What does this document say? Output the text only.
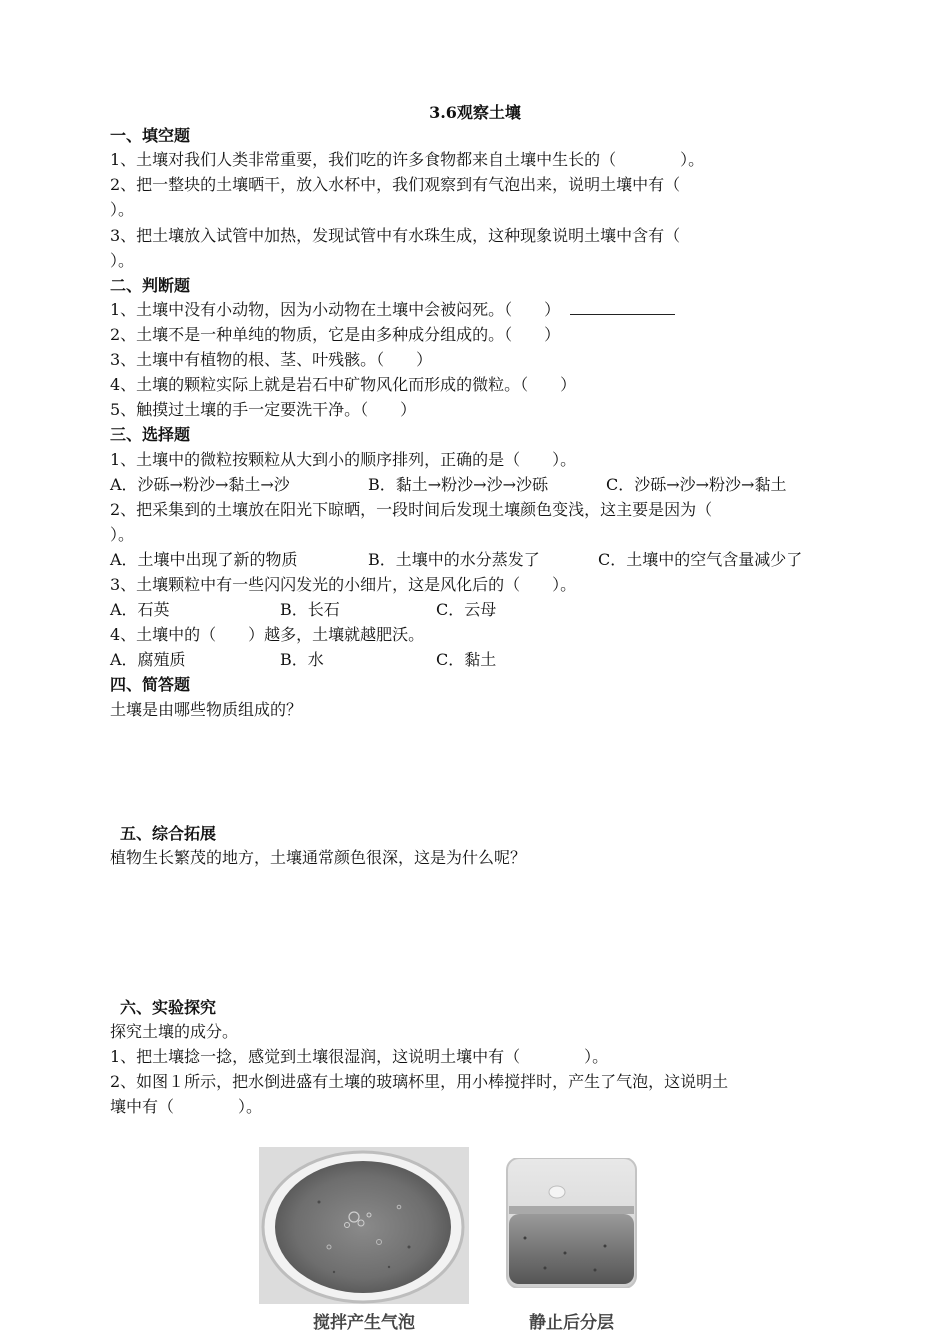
3.6观察土壤
一、填空题
1、土壤对我们人类非常重要，我们吃的许多食物都来自土壤中生长的（　　　　）。
2、把一整块的土壤晒干，放入水杯中，我们观察到有气泡出来，说明土壤中有（
）。
3、把土壤放入试管中加热，发现试管中有水珠生成，这种现象说明土壤中含有（
）。
二、判断题
1、土壤中没有小动物，因为小动物在土壤中会被闷死。（　　）
2、土壤不是一种单纯的物质，它是由多种成分组成的。（　　）
3、土壤中有植物的根、茎、叶残骸。（　　）
4、土壤的颗粒实际上就是岩石中矿物风化而形成的微粒。（　　）
5、触摸过土壤的手一定要洗干净。（　　）
三、选择题
1、土壤中的微粒按颗粒从大到小的顺序排列，正确的是（　　）。
A．沙砾→粉沙→黏土→沙	B．黏土→粉沙→沙→沙砾	C．沙砾→沙→粉沙→黏土
2、把采集到的土壤放在阳光下晾晒，一段时间后发现土壤颜色变浅，这主要是因为（
）。
A．土壤中出现了新的物质	B．土壤中的水分蒸发了	C．土壤中的空气含量减少了
3、土壤颗粒中有一些闪闪发光的小细片，这是风化后的（　　）。
A．石英	B．长石	C．云母
4、土壤中的（　　）越多，土壤就越肥沃。
A．腐殖质	B．水	C．黏土
四、简答题
土壤是由哪些物质组成的？
五、综合拓展
植物生长繁茂的地方，土壤通常颜色很深，这是为什么呢？
六、实验探究
探究土壤的成分。
1、把土壤捻一捻，感觉到土壤很湿润，这说明土壤中有（　　　　）。
2、如图１所示，把水倒进盛有土壤的玻璃杯里，用小棒搅拌时，产生了气泡，这说明土
壤中有（　　　　）。
搅拌产生气泡	静止后分层
